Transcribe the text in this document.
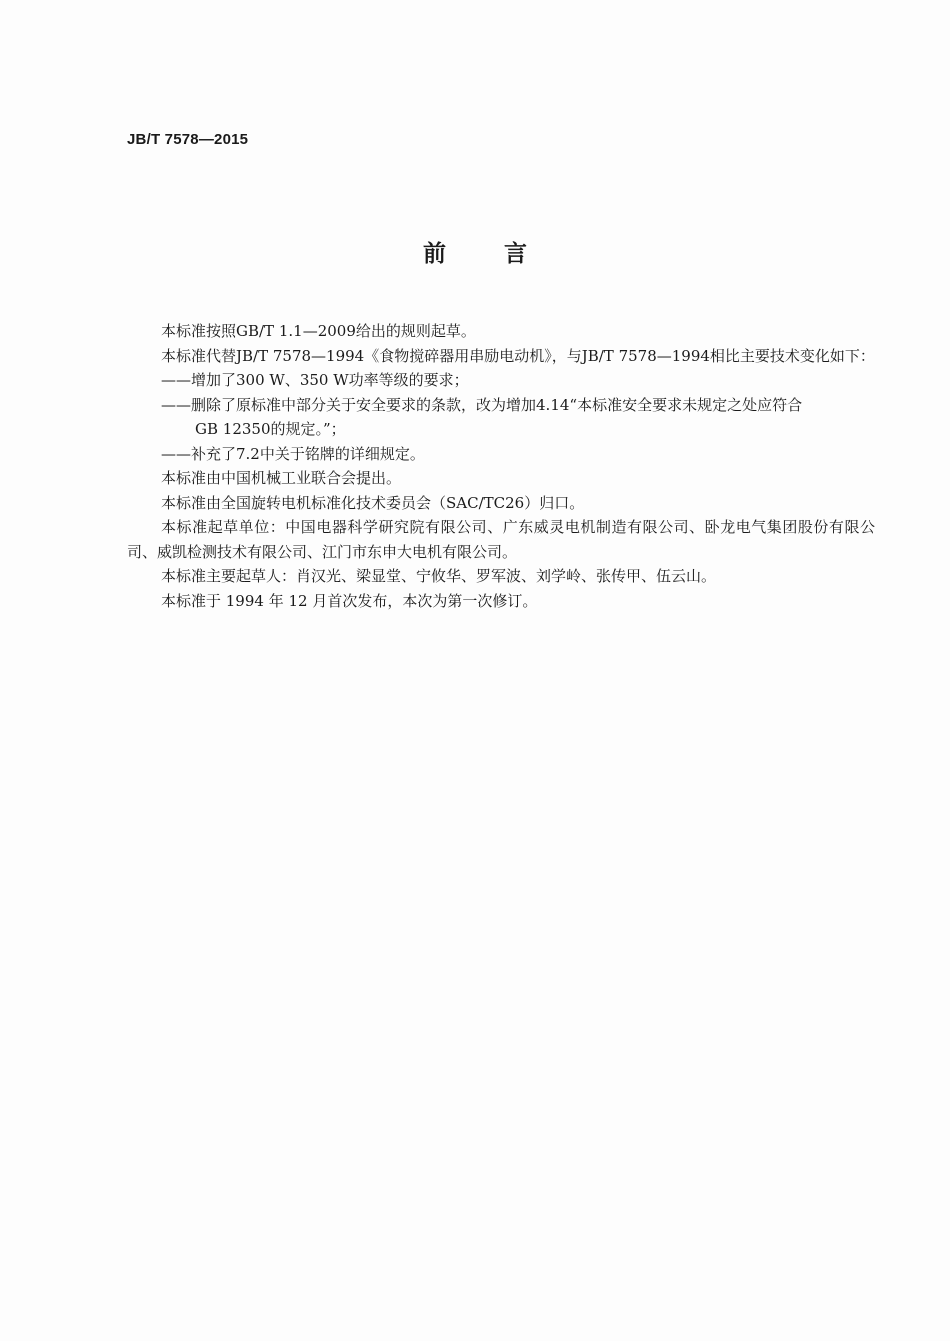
JB/T 7578—2015
前言

本标准按照GB/T 1.1—2009给出的规则起草。

本标准代替JB/T 7578—1994《食物搅碎器用串励电动机》，与JB/T 7578—1994相比主要技术变化如下：

——增加了300 W、350 W功率等级的要求；

——删除了原标准中部分关于安全要求的条款，改为增加4.14“本标准安全要求未规定之处应符合

GB 12350的规定。”；

——补充了7.2中关于铭牌的详细规定。

本标准由中国机械工业联合会提出。

本标准由全国旋转电机标准化技术委员会（SAC/TC26）归口。

本标准起草单位：中国电器科学研究院有限公司、广东威灵电机制造有限公司、卧龙电气集团股份有限公司、威凯检测技术有限公司、江门市东申大电机有限公司。

本标准主要起草人：肖汉光、梁显堂、宁攸华、罗军波、刘学岭、张传甲、伍云山。

本标准于 1994 年 12 月首次发布，本次为第一次修订。
